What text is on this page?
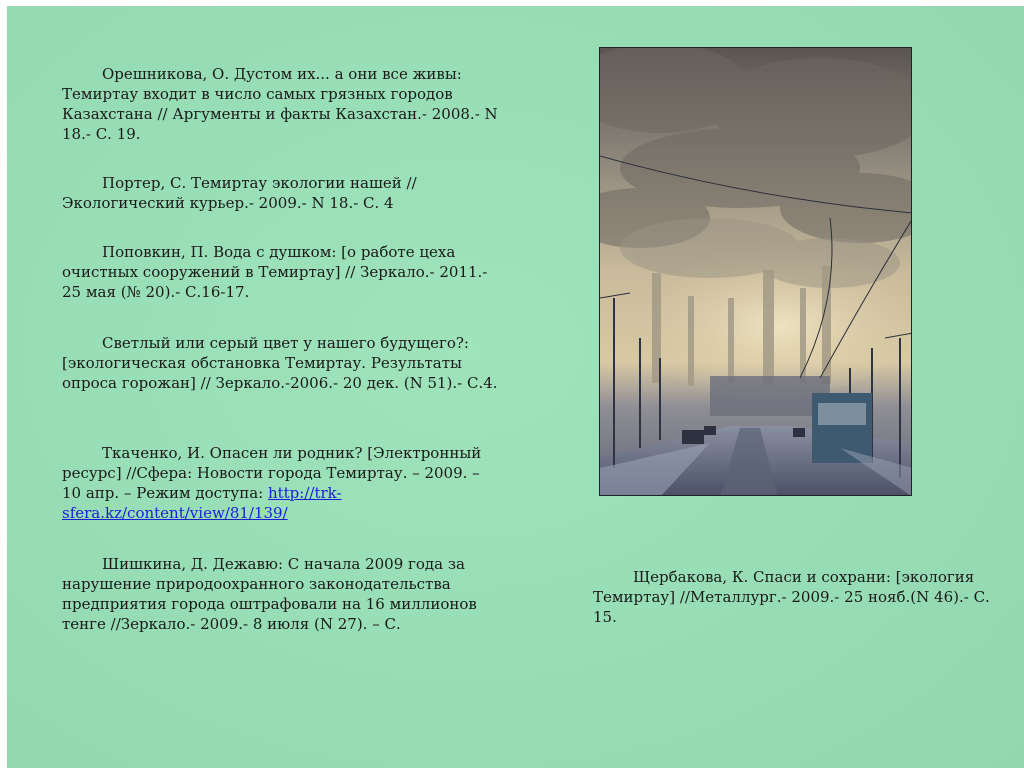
Орешникова, О. Дустом их... а они все живы: Темиртау входит в число самых грязных городов Казахстана // Аргументы и факты Казахстан.- 2008.- N 18.- С. 19.

Портер, С. Темиртау экологии нашей //Экологический курьер.- 2009.- N 18.- С. 4

Поповкин, П. Вода с душком: [о работе цеха очистных сооружений в Темиртау] // Зеркало.- 2011.- 25 мая (№ 20).- С.16-17.

Светлый или серый цвет у нашего будущего?: [экологическая обстановка Темиртау. Результаты опроса горожан] // Зеркало.-2006.- 20 дек. (N 51).- С.4.

Ткаченко, И. Опасен ли родник? [Электронный ресурс] //Сфера: Новости города Темиртау. – 2009. – 10 апр. – Режим доступа: http://trk-sfera.kz/content/view/81/139/

Шишкина, Д. Дежавю: С начала 2009 года за нарушение природоохранного законодательства предприятия города оштрафовали на 16 миллионов тенге //Зеркало.- 2009.- 8 июля (N 27). – С.

Щербакова, К. Спаси и сохрани: [экология Темиртау] //Металлург.- 2009.- 25 нояб.(N 46).- С. 15.
